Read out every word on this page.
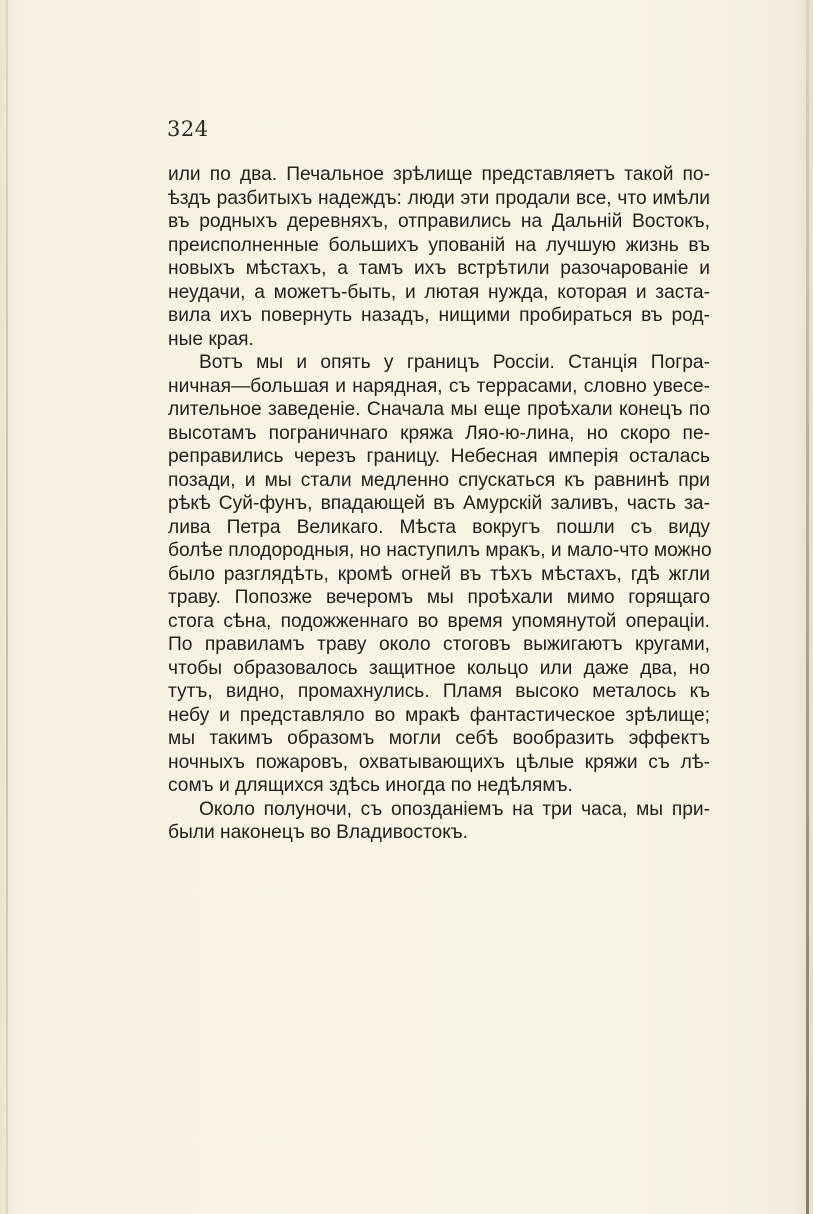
324
или по два. Печальное зрѣлище представляетъ такой по-
ѣздъ разбитыхъ надеждъ: люди эти продали все, что имѣли
въ родныхъ деревняхъ, отправились на Дальній Востокъ,
преисполненные большихъ упованій на лучшую жизнь въ
новыхъ мѣстахъ, а тамъ ихъ встрѣтили разочарованіе и
неудачи, а можетъ-быть, и лютая нужда, которая и заста-
вила ихъ повернуть назадъ, нищими пробираться въ род-
ные края.
Вотъ мы и опять у границъ Россіи. Станція Погра-
ничная—большая и нарядная, съ террасами, словно увесе-
лительное заведеніе. Сначала мы еще проѣхали конецъ по
высотамъ пограничнаго кряжа Ляо-ю-лина, но скоро пе-
реправились черезъ границу. Небесная имперія осталась
позади, и мы стали медленно спускаться къ равнинѣ при
рѣкѣ Суй-фунъ, впадающей въ Амурскій заливъ, часть за-
лива Петра Великаго. Мѣста вокругъ пошли съ виду
болѣе плодородныя, но наступилъ мракъ, и мало-что можно
было разглядѣть, кромѣ огней въ тѣхъ мѣстахъ, гдѣ жгли
траву. Попозже вечеромъ мы проѣхали мимо горящаго
стога сѣна, подожженнаго во время упомянутой операціи.
По правиламъ траву около стоговъ выжигаютъ кругами,
чтобы образовалось защитное кольцо или даже два, но
тутъ, видно, промахнулись. Пламя высоко металось къ
небу и представляло во мракѣ фантастическое зрѣлище;
мы такимъ образомъ могли себѣ вообразить эффектъ
ночныхъ пожаровъ, охватывающихъ цѣлые кряжи съ лѣ-
сомъ и длящихся здѣсь иногда по недѣлямъ.
Около полуночи, съ опозданіемъ на три часа, мы при-
были наконецъ во Владивостокъ.
